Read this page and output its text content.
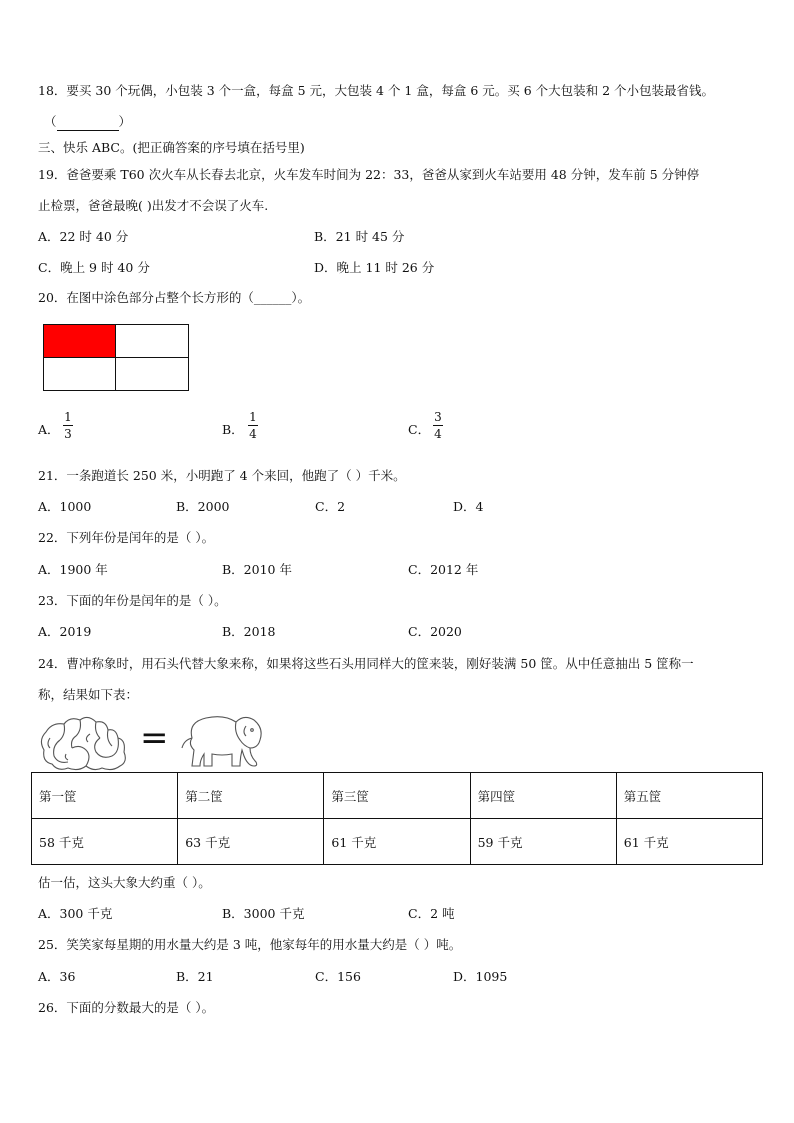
18．要买 30 个玩偶，小包装 3 个一盒，每盒 5 元，大包装 4 个 1 盒，每盒 6 元。买 6 个大包装和 2 个小包装最省钱。
（	）
三、快乐 ABC。(把正确答案的序号填在括号里)
19．爸爸要乘 T60 次火车从长春去北京，火车发车时间为 22：33，爸爸从家到火车站要用 48 分钟，发车前 5 分钟停
止检票，爸爸最晚( )出发才不会误了火车.
A．22 时 40 分	B．21 时 45 分
C．晚上 9 时 40 分	D．晚上 11 时 26 分
20．在图中涂色部分占整个长方形的（______）。
A．
1
3	B．
1
4	C．
3
4
21．一条跑道长 250 米，小明跑了 4 个来回，他跑了（ ）千米。
A．1000	B．2000	C．2	D．4
22．下列年份是闰年的是（ ）。
A．1900 年	B．2010 年	C．2012 年
23．下面的年份是闰年的是（ ）。
A．2019	B．2018	C．2020
24．曹冲称象时，用石头代替大象来称，如果将这些石头用同样大的筐来装，刚好装满 50 筐。从中任意抽出 5 筐称一
称，结果如下表：
=
第一筐	第二筐	第三筐	第四筐	第五筐
58 千克	63 千克	61 千克	59 千克	61 千克
估一估，这头大象大约重（ ）。
A．300 千克	B．3000 千克	C．2 吨
25．笑笑家每星期的用水量大约是 3 吨，他家每年的用水量大约是（ ）吨。
A．36	B．21	C．156	D．1095
26．下面的分数最大的是（ ）。
